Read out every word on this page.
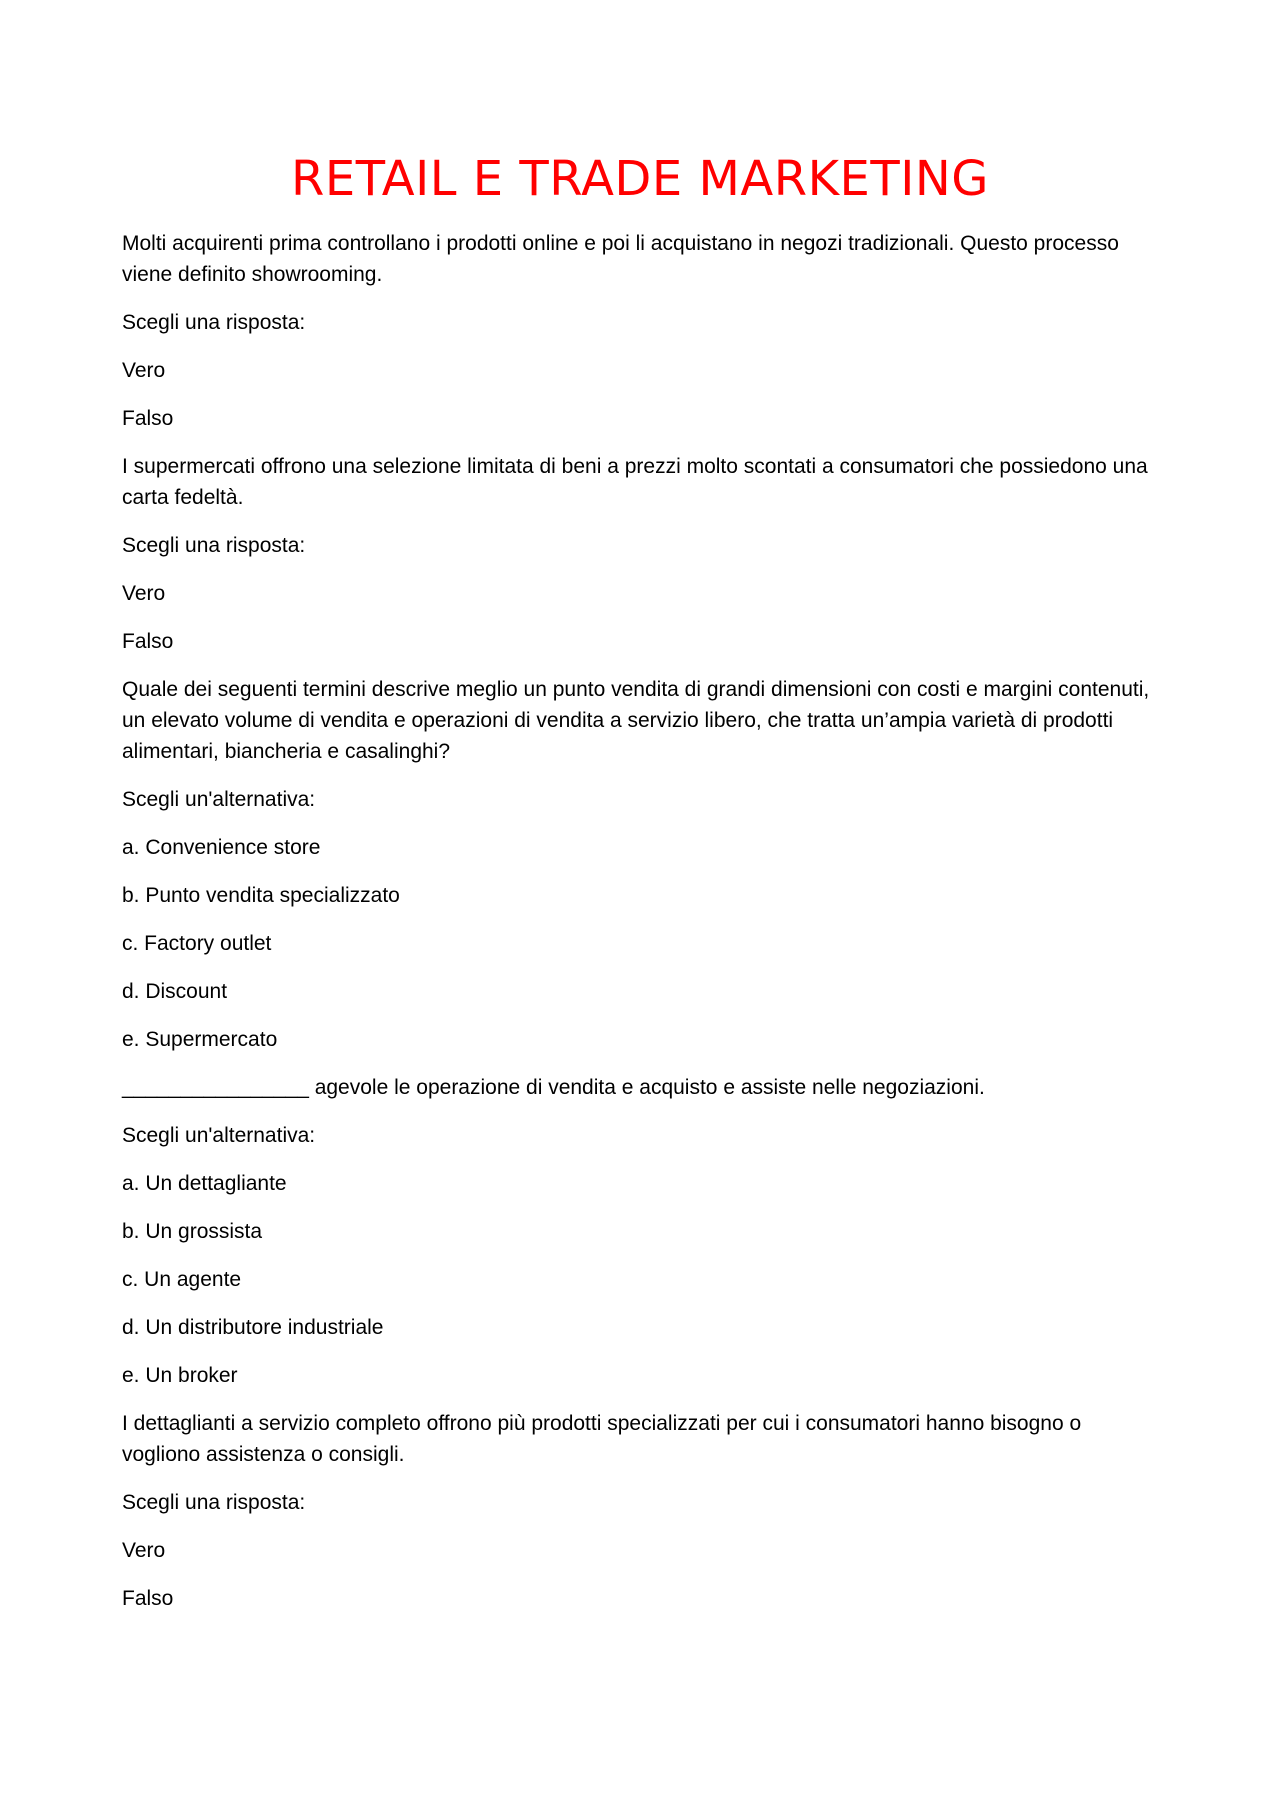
RETAIL E TRADE MARKETING

Molti acquirenti prima controllano i prodotti online e poi li acquistano in negozi tradizionali. Questo processo viene definito showrooming.

Scegli una risposta:

Vero

Falso

I supermercati offrono una selezione limitata di beni a prezzi molto scontati a consumatori che possiedono una carta fedeltà.

Scegli una risposta:

Vero

Falso

Quale dei seguenti termini descrive meglio un punto vendita di grandi dimensioni con costi e margini contenuti, un elevato volume di vendita e operazioni di vendita a servizio libero, che tratta un’ampia varietà di prodotti alimentari, biancheria e casalinghi?

Scegli un'alternativa:

a. Convenience store

b. Punto vendita specializzato

c. Factory outlet

d. Discount

e. Supermercato

________________ agevole le operazione di vendita e acquisto e assiste nelle negoziazioni.

Scegli un'alternativa:

a. Un dettagliante

b. Un grossista

c. Un agente

d. Un distributore industriale

e. Un broker

I dettaglianti a servizio completo offrono più prodotti specializzati per cui i consumatori hanno bisogno o vogliono assistenza o consigli.

Scegli una risposta:

Vero

Falso
